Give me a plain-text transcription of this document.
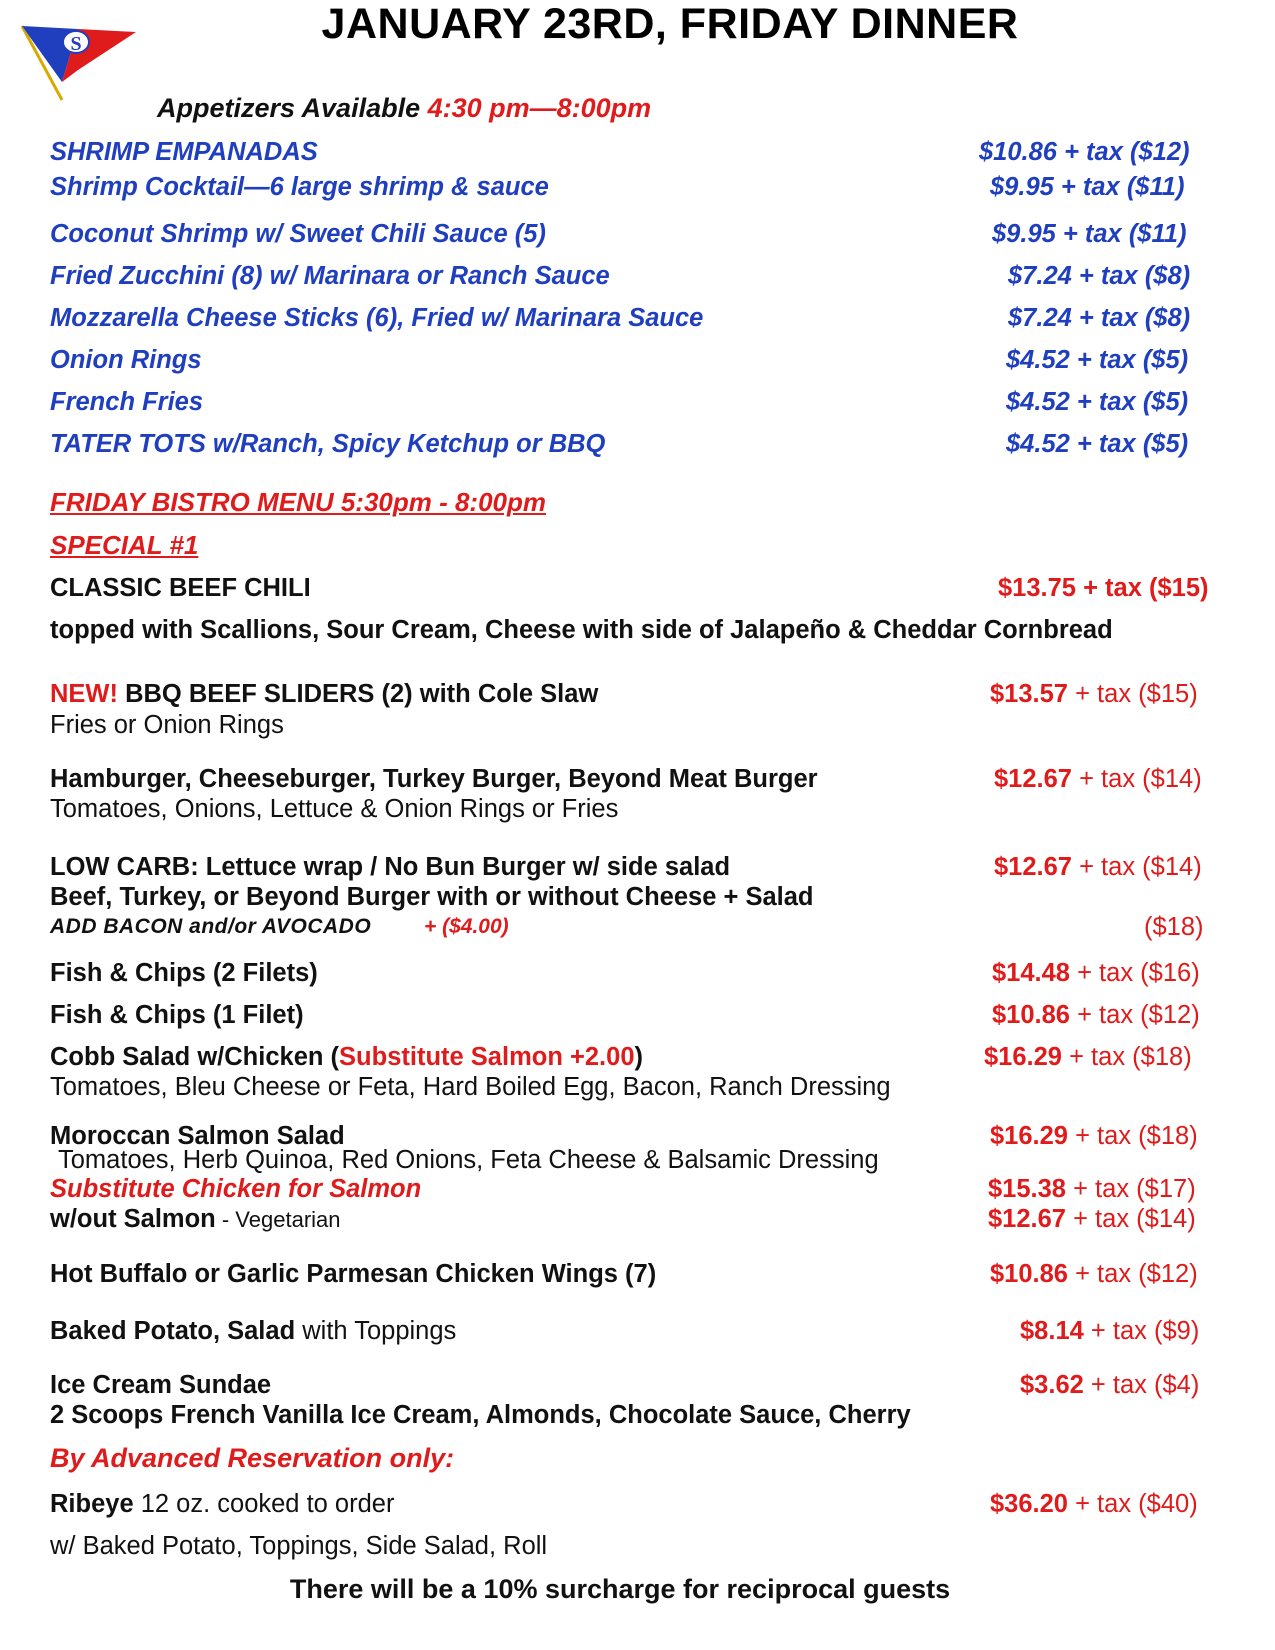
S	JANUARY 23RD, FRIDAY DINNER
Appetizers Available 4:30 pm—8:00pm
SHRIMP EMPANADAS	$10.86 + tax ($12)
Shrimp Cocktail—6 large shrimp & sauce	$9.95 + tax ($11)
Coconut Shrimp w/ Sweet Chili Sauce (5)	$9.95 + tax ($11)
Fried Zucchini (8) w/ Marinara or Ranch Sauce	$7.24 + tax ($8)
Mozzarella Cheese Sticks (6), Fried w/ Marinara Sauce	$7.24 + tax ($8)
Onion Rings	$4.52 + tax ($5)
French Fries	$4.52 + tax ($5)
TATER TOTS w/Ranch, Spicy Ketchup or BBQ	$4.52 + tax ($5)
FRIDAY BISTRO MENU 5:30pm - 8:00pm
SPECIAL #1
CLASSIC BEEF CHILI	$13.75 + tax ($15)
topped with Scallions, Sour Cream, Cheese with side of Jalapeño & Cheddar Cornbread
NEW! BBQ BEEF SLIDERS (2) with Cole Slaw
Fries or Onion Rings
$13.57 + tax ($15)
Hamburger, Cheeseburger, Turkey Burger, Beyond Meat Burger
Tomatoes, Onions, Lettuce & Onion Rings or Fries
$12.67 + tax ($14)
LOW CARB: Lettuce wrap / No Bun Burger w/ side salad
Beef, Turkey, or Beyond Burger with or without Cheese + Salad
$12.67 + tax ($14)
ADD BACON and/or AVOCADO	+ ($4.00)	($18)
Fish & Chips (2 Filets)	$14.48 + tax ($16)
Fish & Chips (1 Filet)	$10.86 + tax ($12)
Cobb Salad w/Chicken (Substitute Salmon +2.00)
Tomatoes, Bleu Cheese or Feta, Hard Boiled Egg, Bacon, Ranch Dressing
$16.29 + tax ($18)
Moroccan Salmon Salad
Tomatoes, Herb Quinoa, Red Onions, Feta Cheese & Balsamic Dressing
$16.29 + tax ($18)
Substitute Chicken for Salmon	$15.38 + tax ($17)
w/out Salmon - Vegetarian	$12.67 + tax ($14)
Hot Buffalo or Garlic Parmesan Chicken Wings (7)	$10.86 + tax ($12)
Baked Potato, Salad with Toppings	$8.14 + tax ($9)
Ice Cream Sundae
2 Scoops French Vanilla Ice Cream, Almonds, Chocolate Sauce, Cherry
$3.62 + tax ($4)
By Advanced Reservation only:
Ribeye 12 oz. cooked to order	$36.20 + tax ($40)
w/ Baked Potato, Toppings, Side Salad, Roll
There will be a 10% surcharge for reciprocal guests
